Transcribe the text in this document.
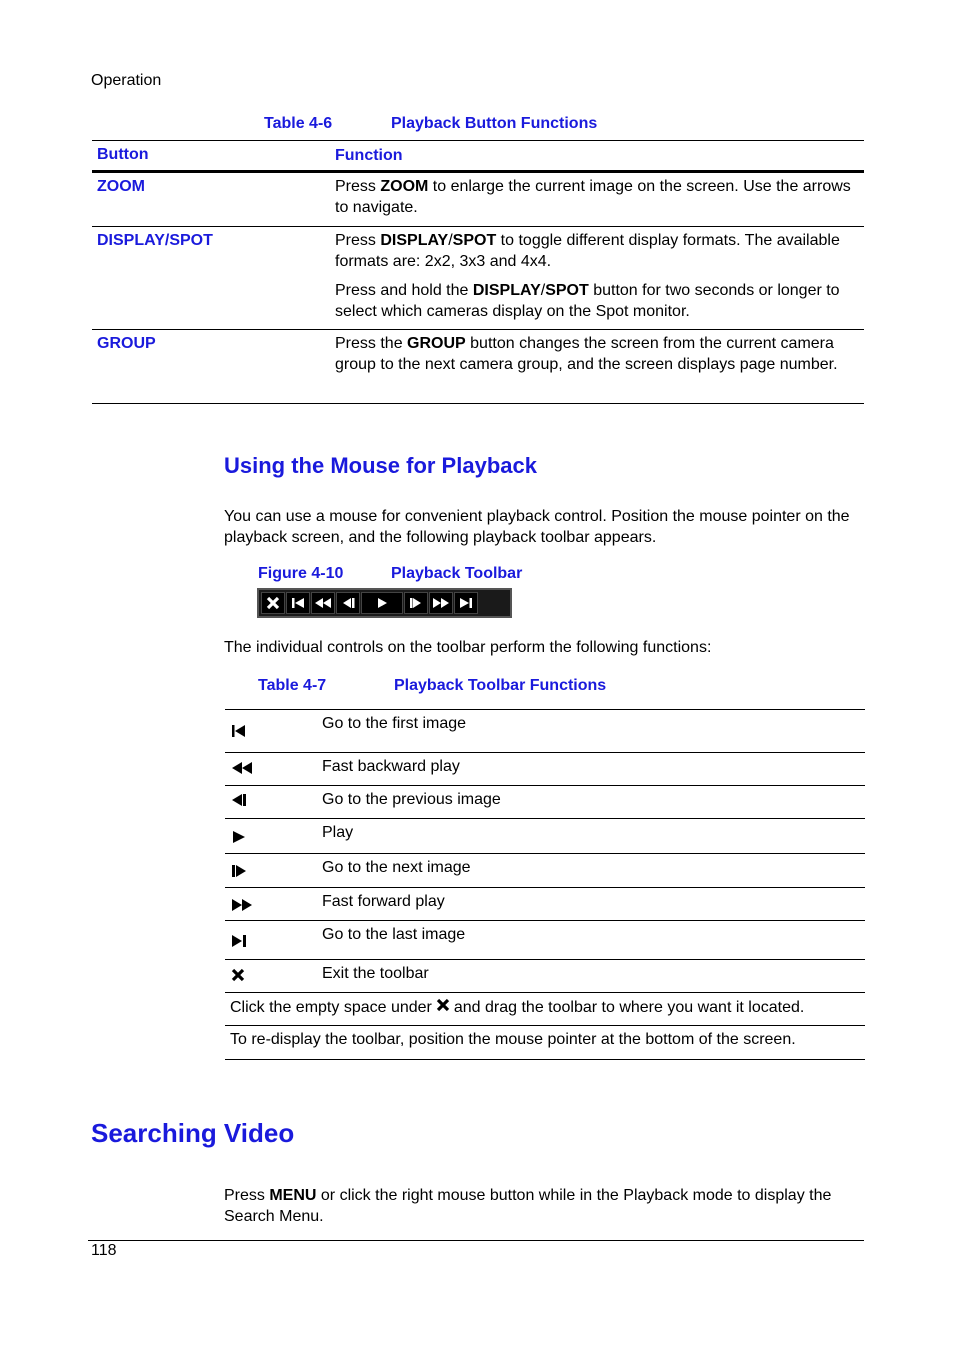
Operation
Table 4-6	Playback Button Functions
Button	Function
ZOOM	Press ZOOM to enlarge the current image on the screen. Use the arrows to navigate.
DISPLAY/SPOT	Press DISPLAY/SPOT to toggle different display formats. The available formats are: 2x2, 3x3 and 4x4.
Press and hold the DISPLAY/SPOT button for two seconds or longer to select which cameras display on the Spot monitor.
GROUP	Press the GROUP button changes the screen from the current camera group to the next camera group, and the screen displays page number.
Using the Mouse for Playback
You can use a mouse for convenient playback control. Position the mouse pointer on the playback screen, and the following playback toolbar appears.
Figure 4-10	Playback Toolbar
The individual controls on the toolbar perform the following functions:
Table 4-7	Playback Toolbar Functions
Go to the first image
Fast backward play
Go to the previous image
Play
Go to the next image
Fast forward play
Go to the last image
Exit the toolbar
Click the empty space under and drag the toolbar to where you want it located.
To re-display the toolbar, position the mouse pointer at the bottom of the screen.
Searching Video
Press MENU or click the right mouse button while in the Playback mode to display the Search Menu.
118
